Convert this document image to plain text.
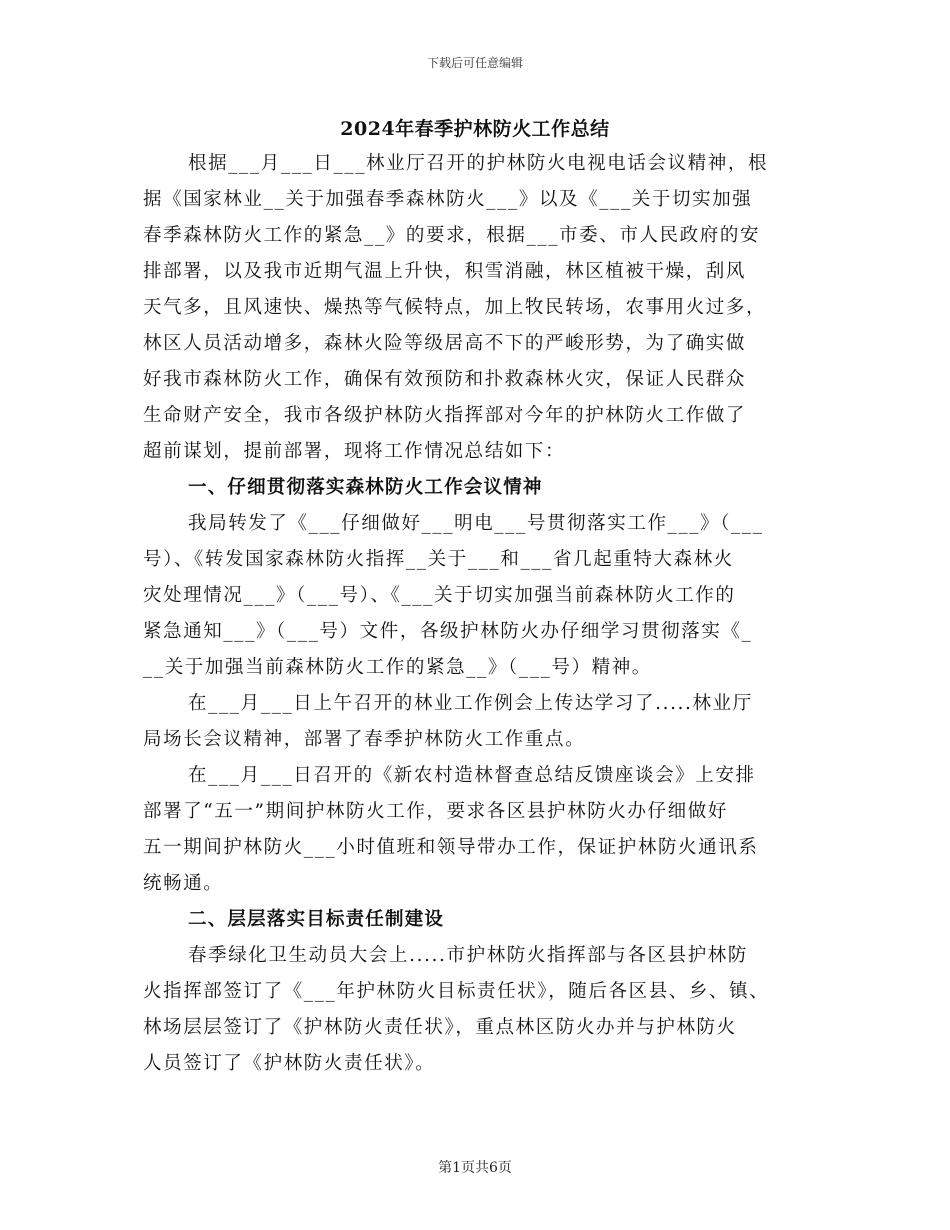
下载后可任意编辑
2024年春季护林防火工作总结
根据___月___日___林业厅召开的护林防火电视电话会议精神，根
据《国家林业__关于加强春季森林防火___》以及《___关于切实加强
春季森林防火工作的紧急__》的要求，根据___市委、市人民政府的安
排部署，以及我市近期气温上升快，积雪消融，林区植被干燥，刮风
天气多，且风速快、燥热等气候特点，加上牧民转场，农事用火过多，
林区人员活动增多，森林火险等级居高不下的严峻形势，为了确实做
好我市森林防火工作，确保有效预防和扑救森林火灾，保证人民群众
生命财产安全，我市各级护林防火指挥部对今年的护林防火工作做了
超前谋划，提前部署，现将工作情况总结如下：
一、仔细贯彻落实森林防火工作会议情神
我局转发了《___仔细做好___明电___号贯彻落实工作___》（___
号）、《转发国家森林防火指挥__关于___和___省几起重特大森林火
灾处理情况___》（___号）、《___关于切实加强当前森林防火工作的
紧急通知___》（___号）文件，各级护林防火办仔细学习贯彻落实《_
__关于加强当前森林防火工作的紧急__》（___号）精神。
在___月___日上午召开的林业工作例会上传达学习了.....林业厅
局场长会议精神，部署了春季护林防火工作重点。
在___月___日召开的《新农村造林督查总结反馈座谈会》上安排
部署了“五一”期间护林防火工作，要求各区县护林防火办仔细做好
五一期间护林防火___小时值班和领导带办工作，保证护林防火通讯系
统畅通。
二、层层落实目标责任制建设
春季绿化卫生动员大会上.....市护林防火指挥部与各区县护林防
火指挥部签订了《___年护林防火目标责任状》，随后各区县、乡、镇、
林场层层签订了《护林防火责任状》，重点林区防火办并与护林防火
人员签订了《护林防火责任状》。
第1页共6页
